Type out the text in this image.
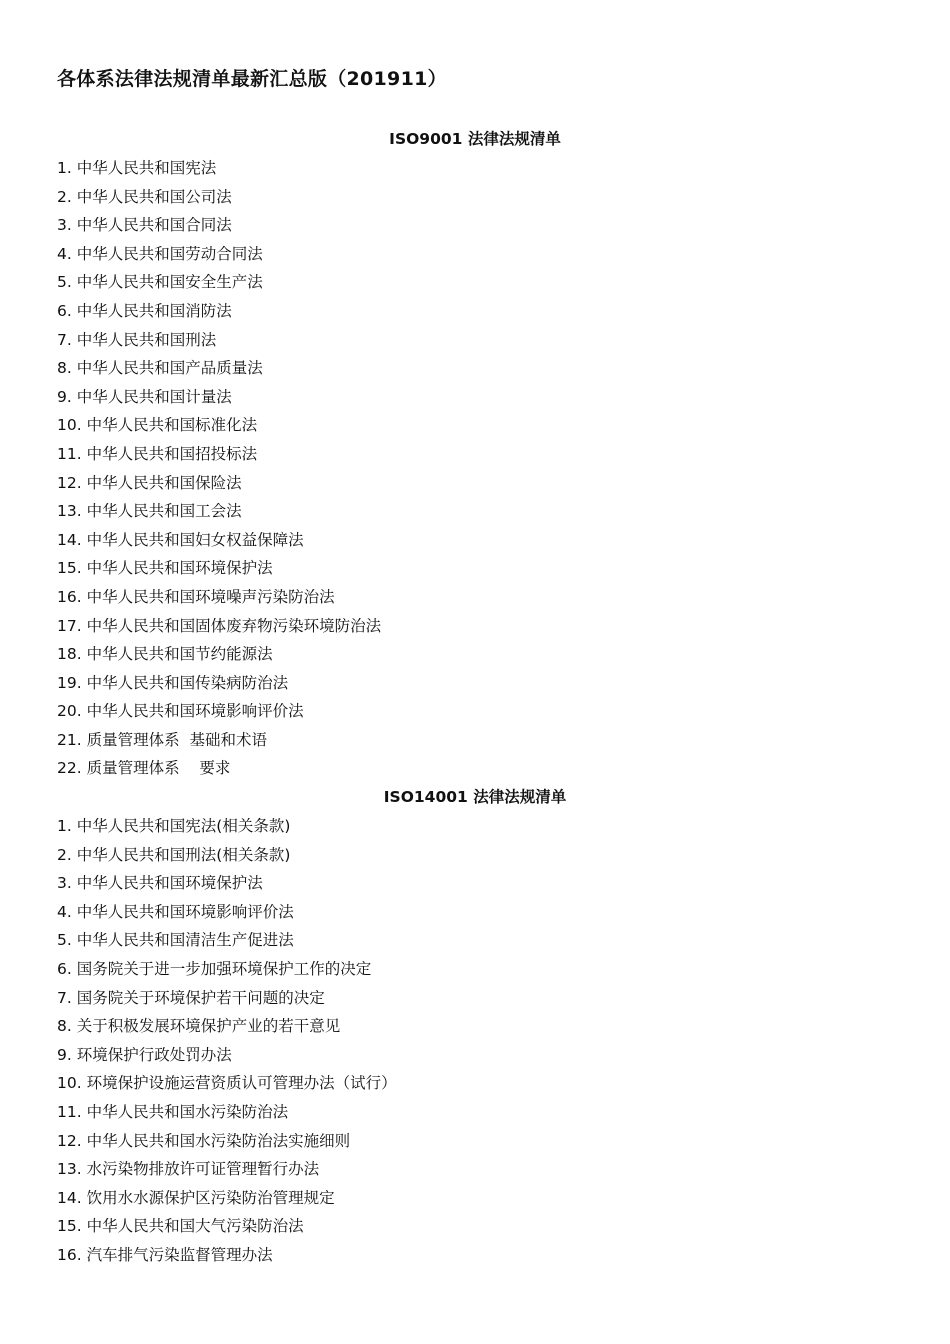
各体系法律法规清单最新汇总版（201911）
ISO9001 法律法规清单
1. 中华人民共和国宪法
2. 中华人民共和国公司法
3. 中华人民共和国合同法
4. 中华人民共和国劳动合同法
5. 中华人民共和国安全生产法
6. 中华人民共和国消防法
7. 中华人民共和国刑法
8. 中华人民共和国产品质量法
9. 中华人民共和国计量法
10. 中华人民共和国标准化法
11. 中华人民共和国招投标法
12. 中华人民共和国保险法
13. 中华人民共和国工会法
14. 中华人民共和国妇女权益保障法
15. 中华人民共和国环境保护法
16. 中华人民共和国环境噪声污染防治法
17. 中华人民共和国固体废弃物污染环境防治法
18. 中华人民共和国节约能源法
19. 中华人民共和国传染病防治法
20. 中华人民共和国环境影响评价法
21. 质量管理体系  基础和术语
22. 质量管理体系    要求
ISO14001 法律法规清单
1. 中华人民共和国宪法(相关条款)
2. 中华人民共和国刑法(相关条款)
3. 中华人民共和国环境保护法
4. 中华人民共和国环境影响评价法
5. 中华人民共和国清洁生产促进法
6. 国务院关于进一步加强环境保护工作的决定
7. 国务院关于环境保护若干问题的决定
8. 关于积极发展环境保护产业的若干意见
9. 环境保护行政处罚办法
10. 环境保护设施运营资质认可管理办法（试行）
11. 中华人民共和国水污染防治法
12. 中华人民共和国水污染防治法实施细则
13. 水污染物排放许可证管理暂行办法
14. 饮用水水源保护区污染防治管理规定
15. 中华人民共和国大气污染防治法
16. 汽车排气污染监督管理办法
